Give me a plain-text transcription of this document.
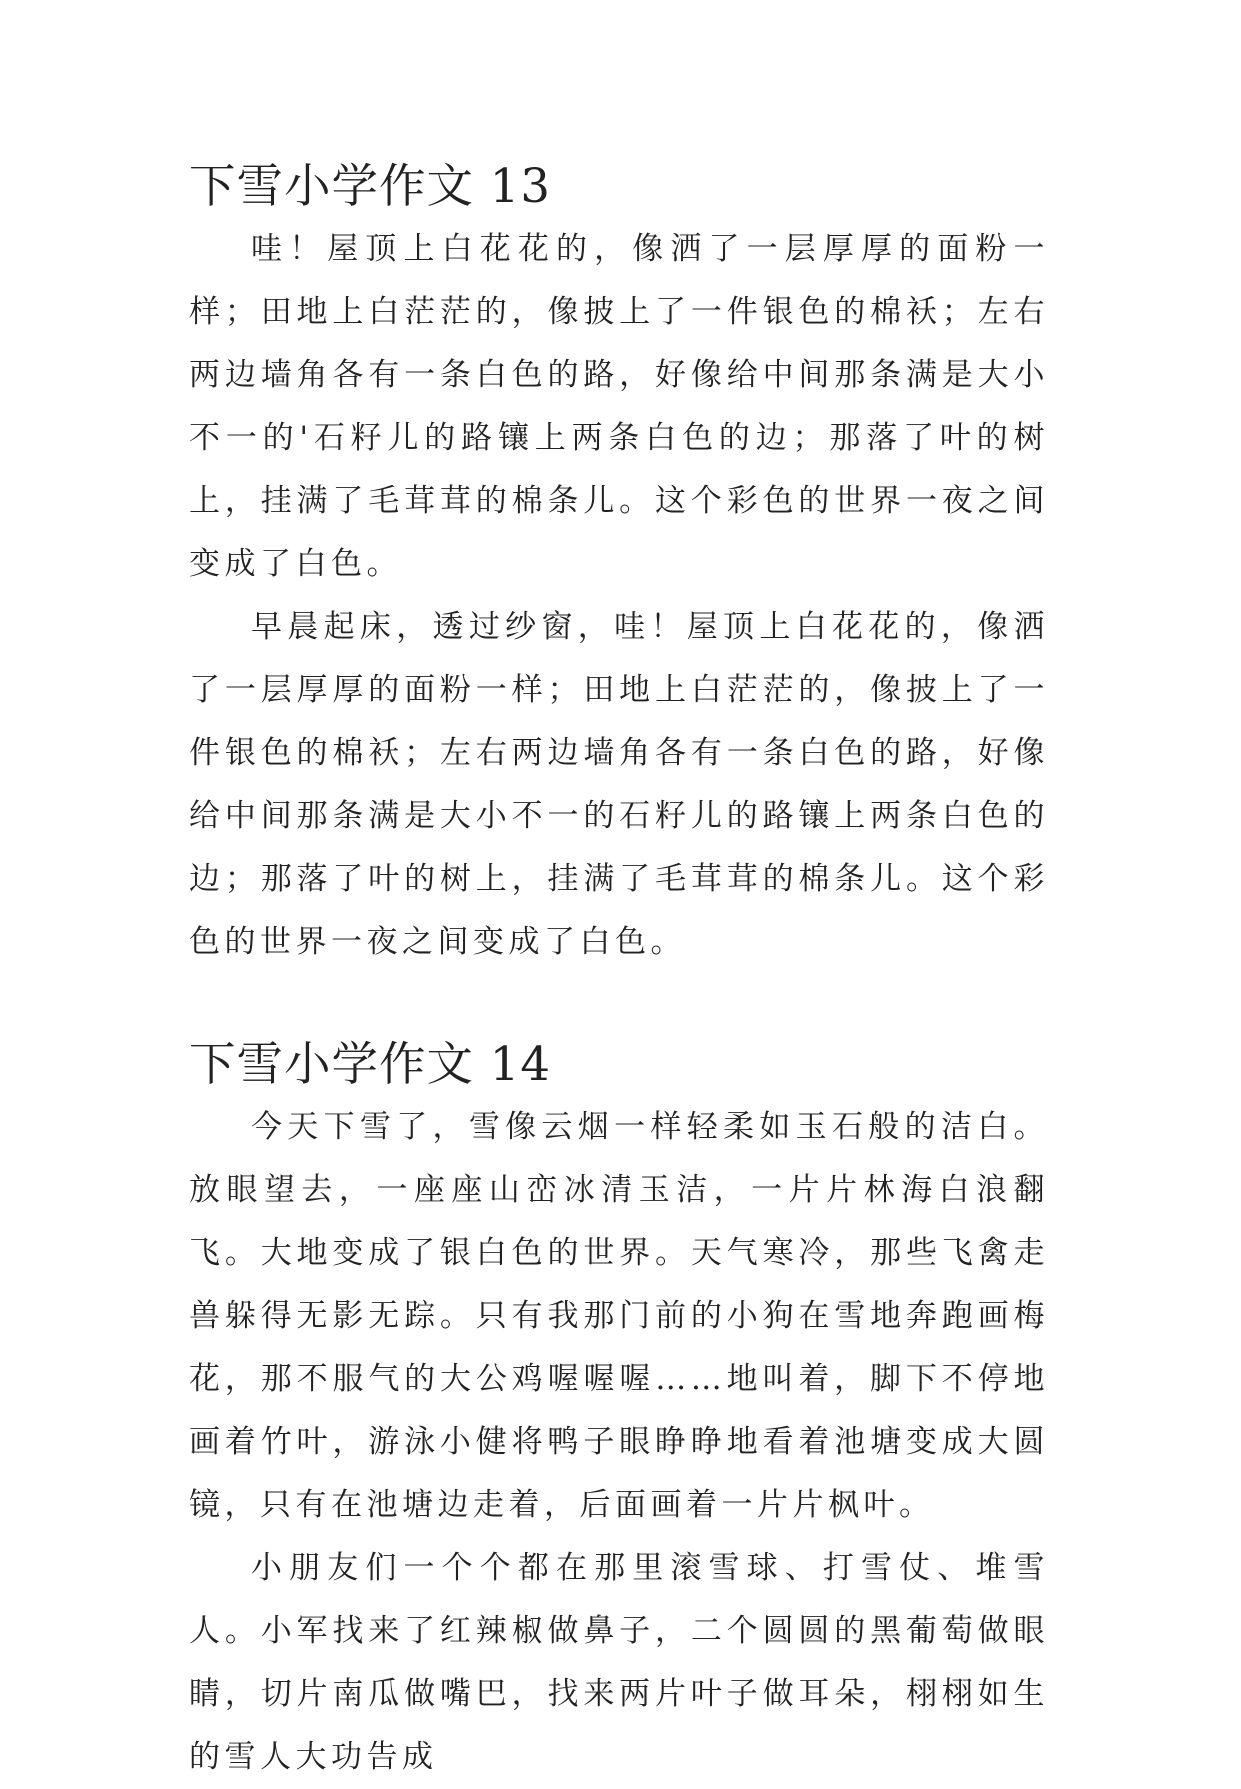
下雪小学作文 13

哇！屋顶上白花花的，像洒了一层厚厚的面粉一样；田地上白茫茫的，像披上了一件银色的棉袄；左右两边墙角各有一条白色的路，好像给中间那条满是大小不一的'石籽儿的路镶上两条白色的边；那落了叶的树上，挂满了毛茸茸的棉条儿。这个彩色的世界一夜之间变成了白色。

早晨起床，透过纱窗，哇！屋顶上白花花的，像洒了一层厚厚的面粉一样；田地上白茫茫的，像披上了一件银色的棉袄；左右两边墙角各有一条白色的路，好像给中间那条满是大小不一的石籽儿的路镶上两条白色的边；那落了叶的树上，挂满了毛茸茸的棉条儿。这个彩色的世界一夜之间变成了白色。

下雪小学作文 14

今天下雪了，雪像云烟一样轻柔如玉石般的洁白。放眼望去，一座座山峦冰清玉洁，一片片林海白浪翻飞。大地变成了银白色的世界。天气寒冷，那些飞禽走兽躲得无影无踪。只有我那门前的小狗在雪地奔跑画梅花，那不服气的大公鸡喔喔喔……地叫着，脚下不停地画着竹叶，游泳小健将鸭子眼睁睁地看着池塘变成大圆镜，只有在池塘边走着，后面画着一片片枫叶。

小朋友们一个个都在那里滚雪球、打雪仗、堆雪人。小军找来了红辣椒做鼻子，二个圆圆的黑葡萄做眼睛，切片南瓜做嘴巴，找来两片叶子做耳朵，栩栩如生的雪人大功告成
